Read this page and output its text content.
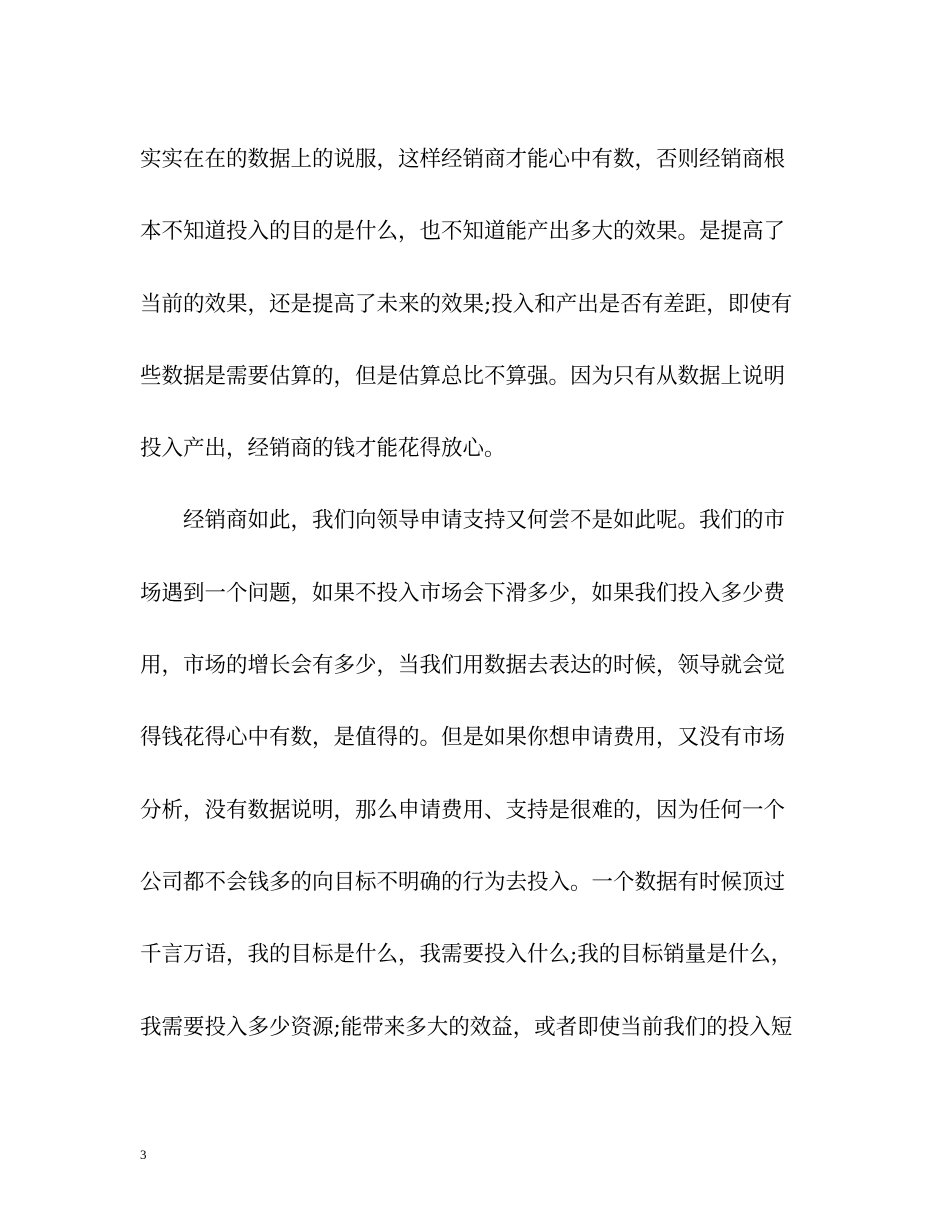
实实在在的数据上的说服，这样经销商才能心中有数，否则经销商根
本不知道投入的目的是什么，也不知道能产出多大的效果。是提高了
当前的效果，还是提高了未来的效果;投入和产出是否有差距，即使有
些数据是需要估算的，但是估算总比不算强。因为只有从数据上说明
投入产出，经销商的钱才能花得放心。
经销商如此，我们向领导申请支持又何尝不是如此呢。我们的市
场遇到一个问题，如果不投入市场会下滑多少，如果我们投入多少费
用，市场的增长会有多少，当我们用数据去表达的时候，领导就会觉
得钱花得心中有数，是值得的。但是如果你想申请费用，又没有市场
分析，没有数据说明，那么申请费用、支持是很难的，因为任何一个
公司都不会钱多的向目标不明确的行为去投入。一个数据有时候顶过
千言万语，我的目标是什么，我需要投入什么;我的目标销量是什么，
我需要投入多少资源;能带来多大的效益，或者即使当前我们的投入短
3
